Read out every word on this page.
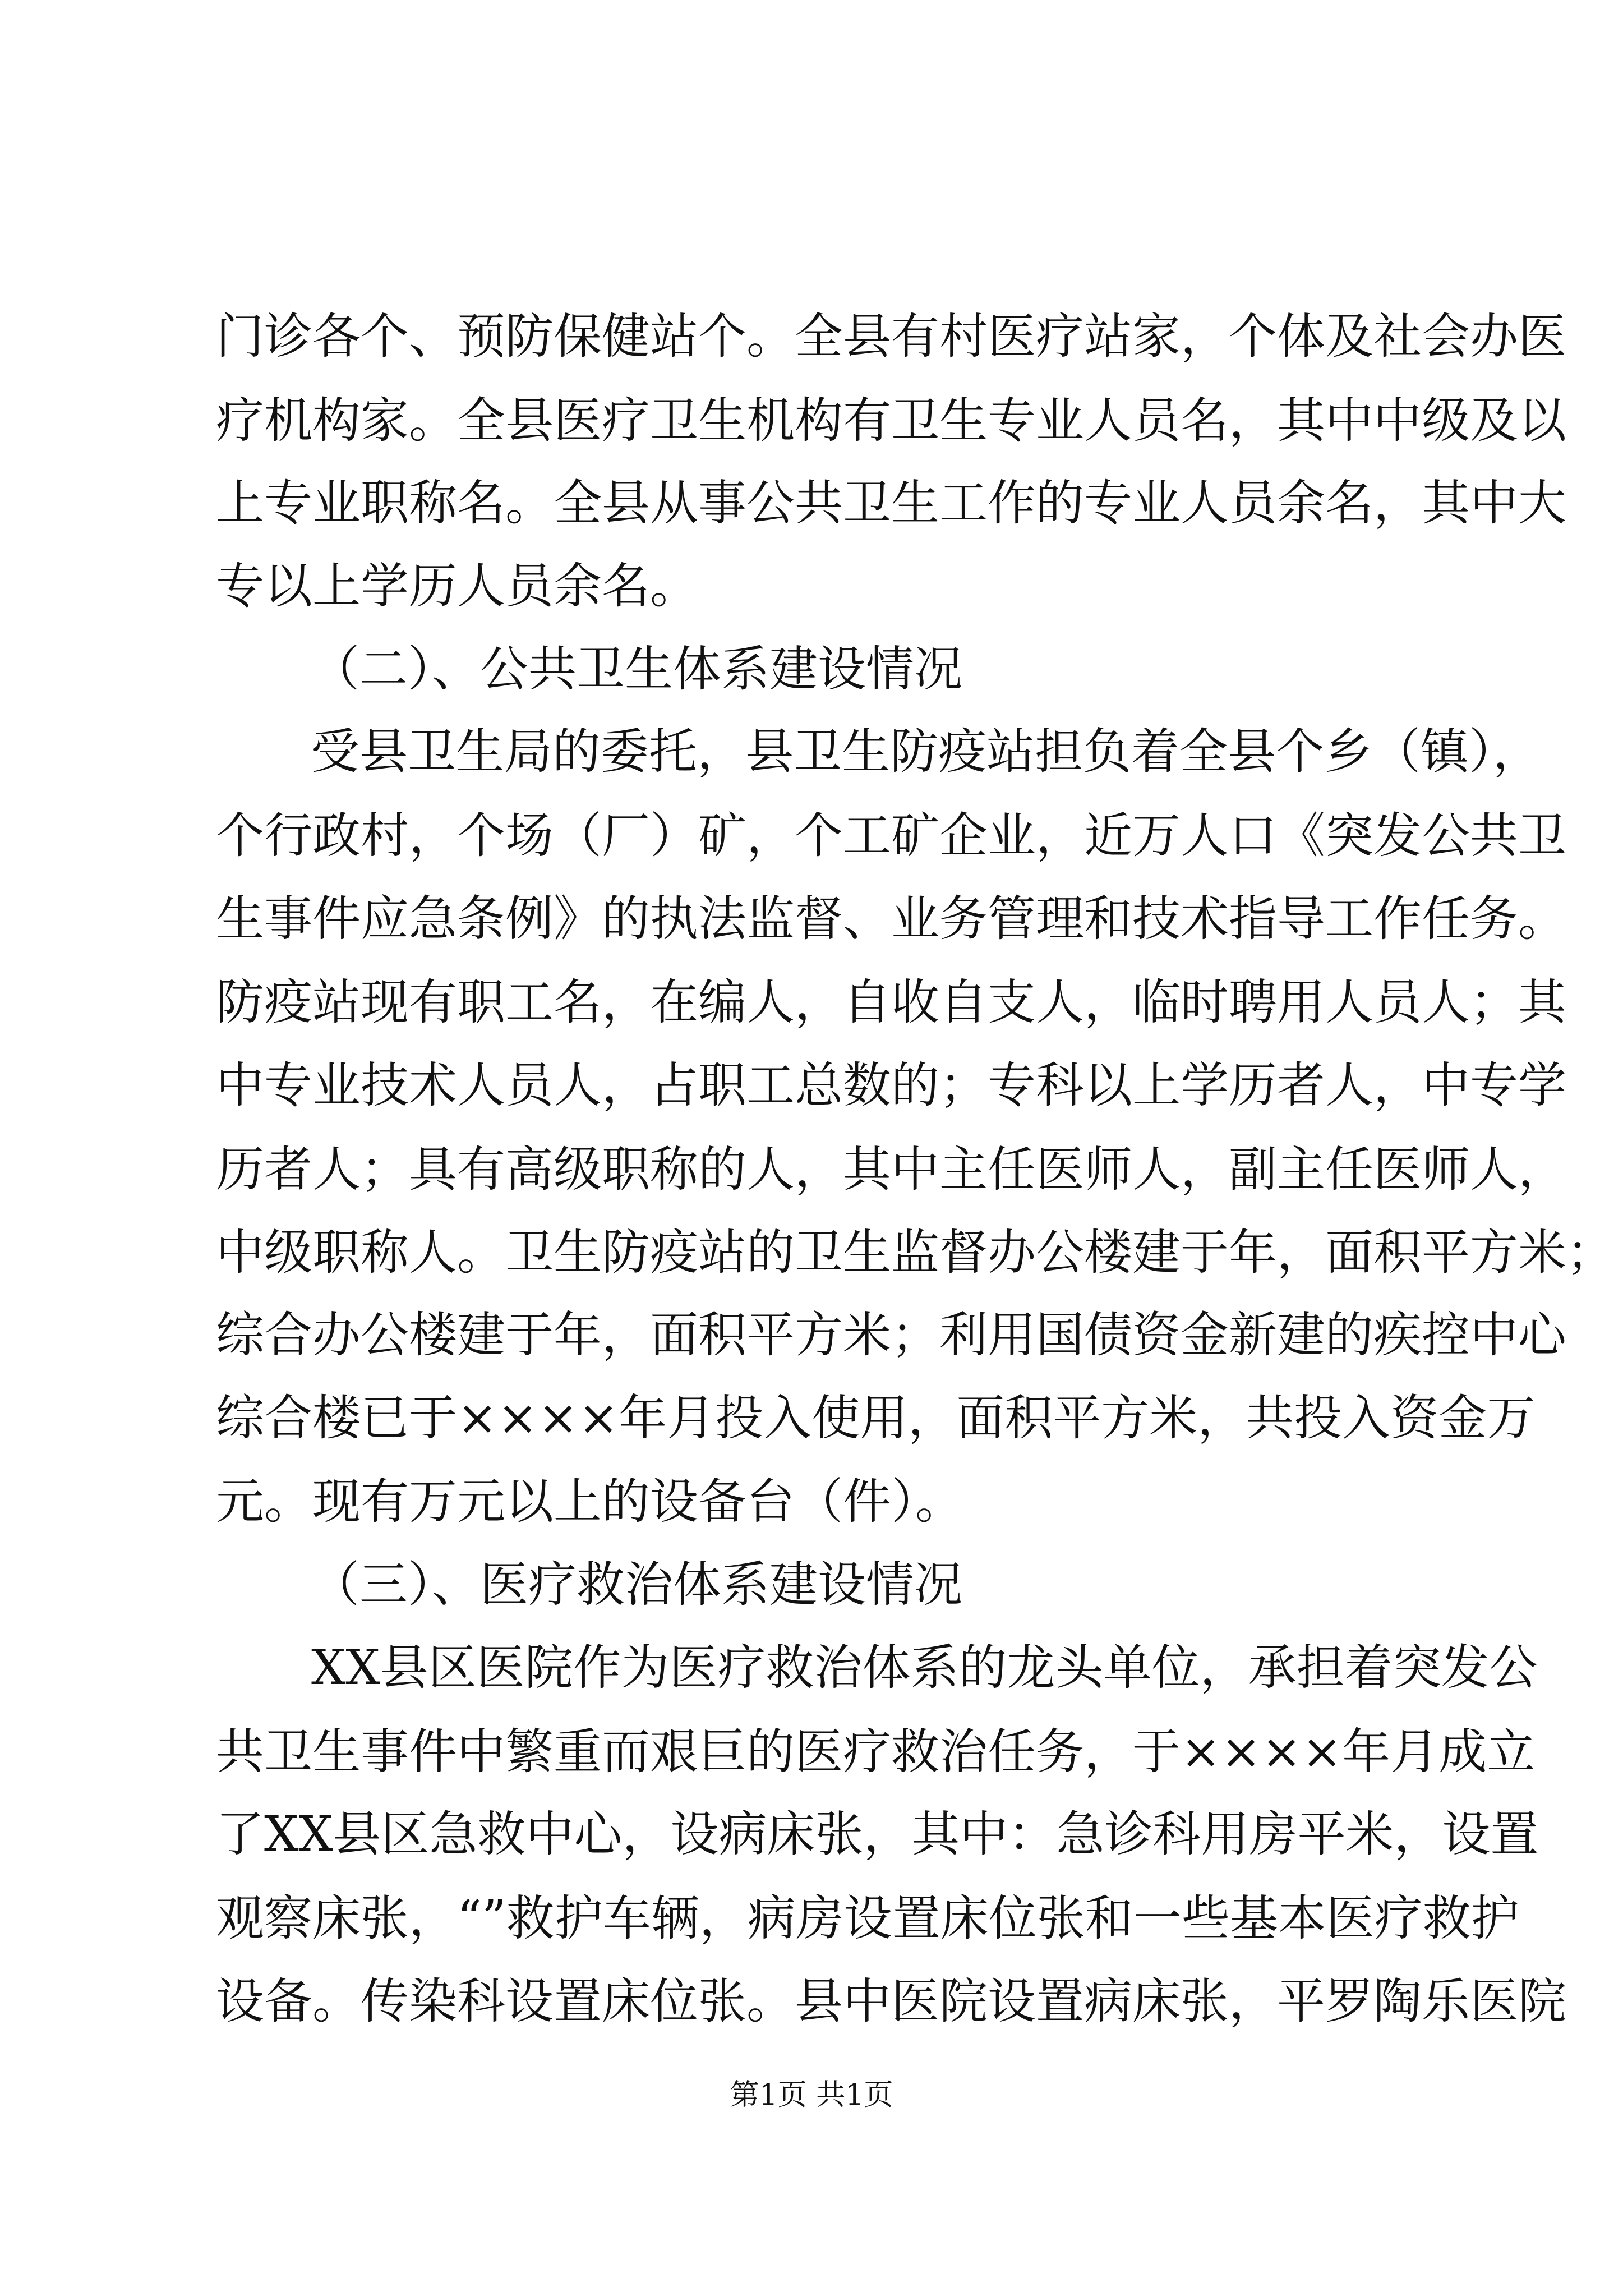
门诊各个、预防保健站个。全县有村医疗站家，个体及社会办医
疗机构家。全县医疗卫生机构有卫生专业人员名，其中中级及以
上专业职称名。全县从事公共卫生工作的专业人员余名，其中大
专以上学历人员余名。
（二）、公共卫生体系建设情况
受县卫生局的委托，县卫生防疫站担负着全县个乡（镇），
个行政村，个场（厂）矿，个工矿企业，近万人口《突发公共卫
生事件应急条例》的执法监督、业务管理和技术指导工作任务。
防疫站现有职工名，在编人，自收自支人，临时聘用人员人；其
中专业技术人员人，占职工总数的；专科以上学历者人，中专学
历者人；具有高级职称的人，其中主任医师人，副主任医师人，
中级职称人。卫生防疫站的卫生监督办公楼建于年，面积平方米；
综合办公楼建于年，面积平方米；利用国债资金新建的疾控中心
综合楼已于××××年月投入使用，面积平方米，共投入资金万
元。现有万元以上的设备台（件）。
（三）、医疗救治体系建设情况
XX县区医院作为医疗救治体系的龙头单位，承担着突发公
共卫生事件中繁重而艰巨的医疗救治任务，于××××年月成立
了XX县区急救中心，设病床张，其中：急诊科用房平米，设置
观察床张，“”救护车辆，病房设置床位张和一些基本医疗救护
设备。传染科设置床位张。县中医院设置病床张，平罗陶乐医院
第1页 共1页
